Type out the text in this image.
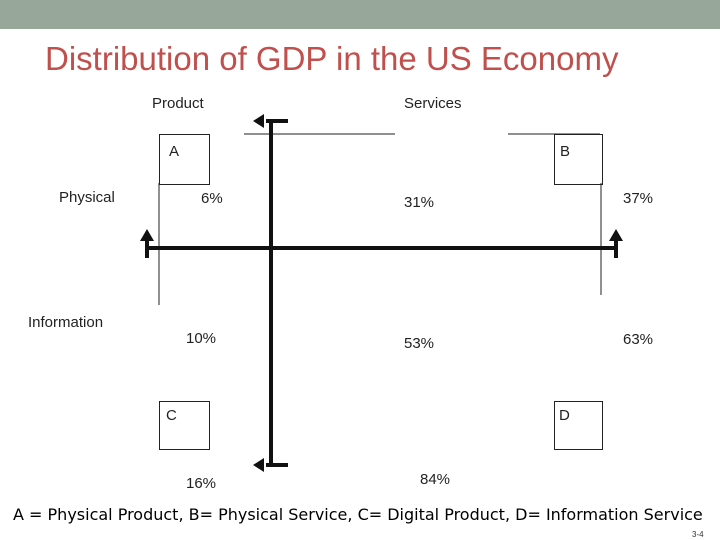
Distribution of GDP in the US Economy
Product	Services
Physical
Information
A	B
C	D
6%	31%	37%
10%	53%	63%
16%	84%
A = Physical Product, B= Physical Service, C= Digital Product, D= Information Service
3-4
